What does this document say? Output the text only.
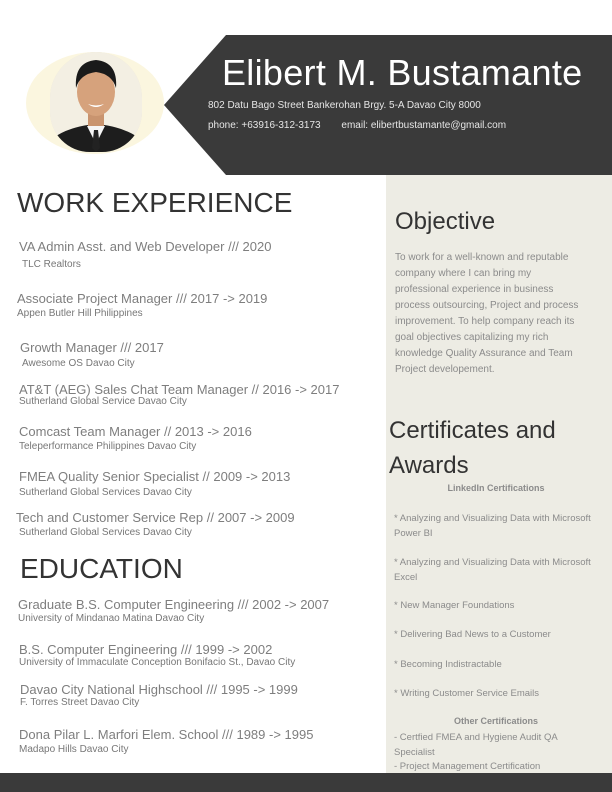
Elibert M. Bustamante
802 Datu Bago Street Bankerohan Brgy. 5-A Davao City 8000
phone: +63916-312-3173 email: elibertbustamante@gmail.com
WORK EXPERIENCE
VA Admin Asst. and Web Developer /// 2020
TLC Realtors
Associate Project Manager /// 2017 -> 2019
Appen Butler Hill Philippines
Growth Manager /// 2017
Awesome OS Davao City
AT&T (AEG) Sales Chat Team Manager // 2016 -> 2017
Sutherland Global Service Davao City
Comcast Team Manager // 2013 -> 2016
Teleperformance Philippines Davao City
FMEA Quality Senior Specialist // 2009 -> 2013
Sutherland Global Services Davao City
Tech and Customer Service Rep // 2007 -> 2009
Sutherland Global Services Davao City
EDUCATION
Graduate B.S. Computer Engineering /// 2002 -> 2007
University of Mindanao Matina Davao City
B.S. Computer Engineering /// 1999 -> 2002
University of Immaculate Conception Bonifacio St., Davao City
Davao City National Highschool /// 1995 -> 1999
F. Torres Street Davao City
Dona Pilar L. Marfori Elem. School /// 1989 -> 1995
Madapo Hills Davao City
Objective
To work for a well-known and reputable company where I can bring my professional experience in business process outsourcing, Project and process improvement. To help company reach its goal objectives capitalizing my rich knowledge Quality Assurance and Team Project developement.
Certificates and Awards
LinkedIn Certifications
* Analyzing and Visualizing Data with Microsoft Power BI
* Analyzing and Visualizing Data with Microsoft Excel
* New Manager Foundations
* Delivering Bad News to a Customer
* Becoming Indistractable
* Writing Customer Service Emails
Other Certifications
- Certfied FMEA and Hygiene Audit QA Specialist
- Project Management Certification
